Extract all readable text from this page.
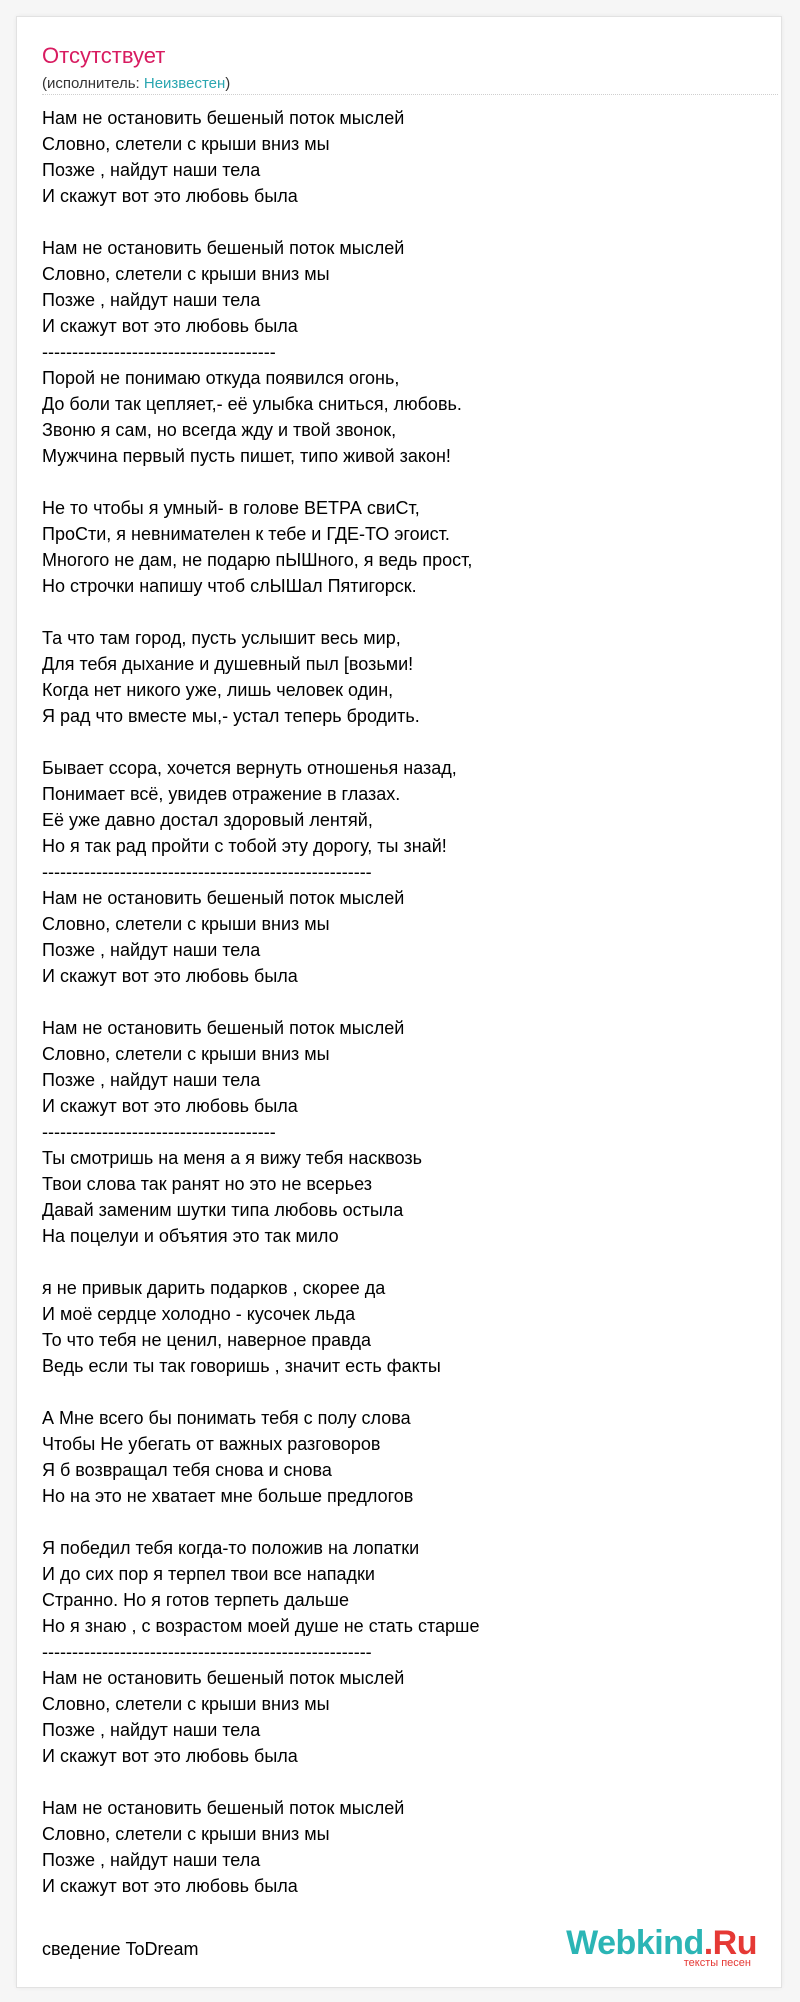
Отсутствует
(исполнитель: Неизвестен)
Нам не остановить бешеный поток мыслей
Словно, слетели с крыши вниз мы
Позже , найдут наши тела
И скажут вот это любовь была
Нам не остановить бешеный поток мыслей
Словно, слетели с крыши вниз мы
Позже , найдут наши тела
И скажут вот это любовь была
---------------------------------------
Порой не понимаю откуда появился огонь,
До боли так цепляет,- её улыбка сниться, любовь.
Звоню я сам, но всегда жду и твой звонок,
Мужчина первый пусть пишет, типо живой закон!
Не то чтобы я умный- в голове ВЕТРА свиСт,
ПроСти, я невнимателен к тебе и ГДЕ-ТО эгоист.
Многого не дам, не подарю пЫШного, я ведь прост,
Но строчки напишу чтоб слЫШал Пятигорск.
Та что там город, пусть услышит весь мир,
Для тебя дыхание и душевный пыл [возьми!
Когда нет никого уже, лишь человек один,
Я рад что вместе мы,- устал теперь бродить.
Бывает ссора, хочется вернуть отношенья назад,
Понимает всё, увидев отражение в глазах.
Её уже давно достал здоровый лентяй,
Но я так рад пройти с тобой эту дорогу, ты знай!
-------------------------------------------------------
Нам не остановить бешеный поток мыслей
Словно, слетели с крыши вниз мы
Позже , найдут наши тела
И скажут вот это любовь была
Нам не остановить бешеный поток мыслей
Словно, слетели с крыши вниз мы
Позже , найдут наши тела
И скажут вот это любовь была
---------------------------------------
Ты смотришь на меня а я вижу тебя насквозь
Твои слова так ранят но это не всерьез
Давай заменим шутки типа любовь остыла
На поцелуи и объятия это так мило
я не привык дарить подарков , скорее да
И моё сердце холодно - кусочек льда
То что тебя не ценил, наверное правда
Ведь если ты так говоришь , значит есть факты
А Мне всего бы понимать тебя с полу слова
Чтобы Не убегать от важных разговоров
Я б возвращал тебя снова и снова
Но на это не хватает мне больше предлогов
Я победил тебя когда-то положив на лопатки
И до сих пор я терпел твои все нападки
Странно. Но я готов терпеть дальше
Но я знаю , с возрастом моей душе не стать старше
-------------------------------------------------------
Нам не остановить бешеный поток мыслей
Словно, слетели с крыши вниз мы
Позже , найдут наши тела
И скажут вот это любовь была
Нам не остановить бешеный поток мыслей
Словно, слетели с крыши вниз мы
Позже , найдут наши тела
И скажут вот это любовь была
сведение ToDream	Webkind.Ru
тексты песен
